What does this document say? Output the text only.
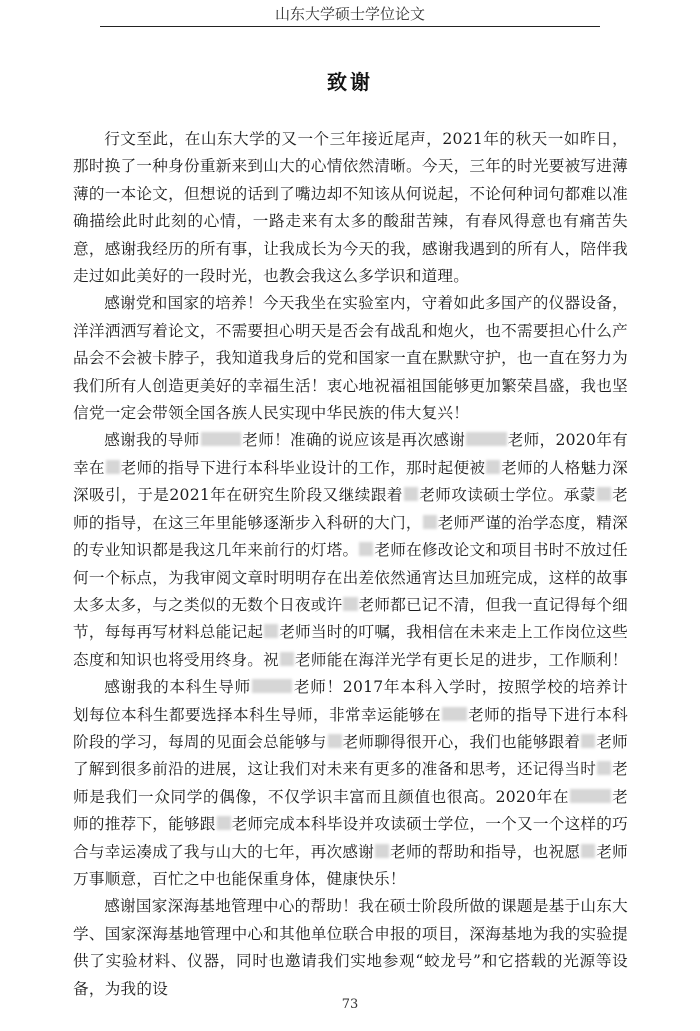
山东大学硕士学位论文
致谢

行文至此，在山东大学的又一个三年接近尾声，2021年的秋天一如昨日，那时换了一种身份重新来到山大的心情依然清晰。今天，三年的时光要被写进薄薄的一本论文，但想说的话到了嘴边却不知该从何说起，不论何种词句都难以准确描绘此时此刻的心情，一路走来有太多的酸甜苦辣，有春风得意也有痛苦失意，感谢我经历的所有事，让我成长为今天的我，感谢我遇到的所有人，陪伴我走过如此美好的一段时光，也教会我这么多学识和道理。

感谢党和国家的培养！今天我坐在实验室内，守着如此多国产的仪器设备，洋洋洒洒写着论文，不需要担心明天是否会有战乱和炮火，也不需要担心什么产品会不会被卡脖子，我知道我身后的党和国家一直在默默守护，也一直在努力为我们所有人创造更美好的幸福生活！衷心地祝福祖国能够更加繁荣昌盛，我也坚信党一定会带领全国各族人民实现中华民族的伟大复兴！

感谢我的导师	老师！准确的说应该是再次感谢	老师，2020年有幸在 老师的指导下进行本科毕业设计的工作，那时起便被 老师的人格魅力深深吸引，于是2021年在研究生阶段又继续跟着 老师攻读硕士学位。承蒙 老师的指导，在这三年里能够逐渐步入科研的大门， 老师严谨的治学态度，精深的专业知识都是我这几年来前行的灯塔。 老师在修改论文和项目书时不放过任何一个标点，为我审阅文章时明明存在出差依然通宵达旦加班完成，这样的故事太多太多，与之类似的无数个日夜或许 老师都已记不清，但我一直记得每个细节，每每再写材料总能记起 老师当时的叮嘱，我相信在未来走上工作岗位这些态度和知识也将受用终身。祝 老师能在海洋光学有更长足的进步，工作顺利！

感谢我的本科生导师	老师！2017年本科入学时，按照学校的培养计划每位本科生都要选择本科生导师，非常幸运能够在 老师的指导下进行本科阶段的学习，每周的见面会总能够与 老师聊得很开心，我们也能够跟着 老师了解到很多前沿的进展，这让我们对未来有更多的准备和思考，还记得当时 老师是我们一众同学的偶像，不仅学识丰富而且颜值也很高。2020年在	老师的推荐下，能够跟 老师完成本科毕设并攻读硕士学位，一个又一个这样的巧合与幸运凑成了我与山大的七年，再次感谢 老师的帮助和指导，也祝愿 老师万事顺意，百忙之中也能保重身体，健康快乐！

感谢国家深海基地管理中心的帮助！我在硕士阶段所做的课题是基于山东大学、国家深海基地管理中心和其他单位联合申报的项目，深海基地为我的实验提供了实验材料、仪器，同时也邀请我们实地参观“蛟龙号”和它搭载的光源等设备，为我的设

73
